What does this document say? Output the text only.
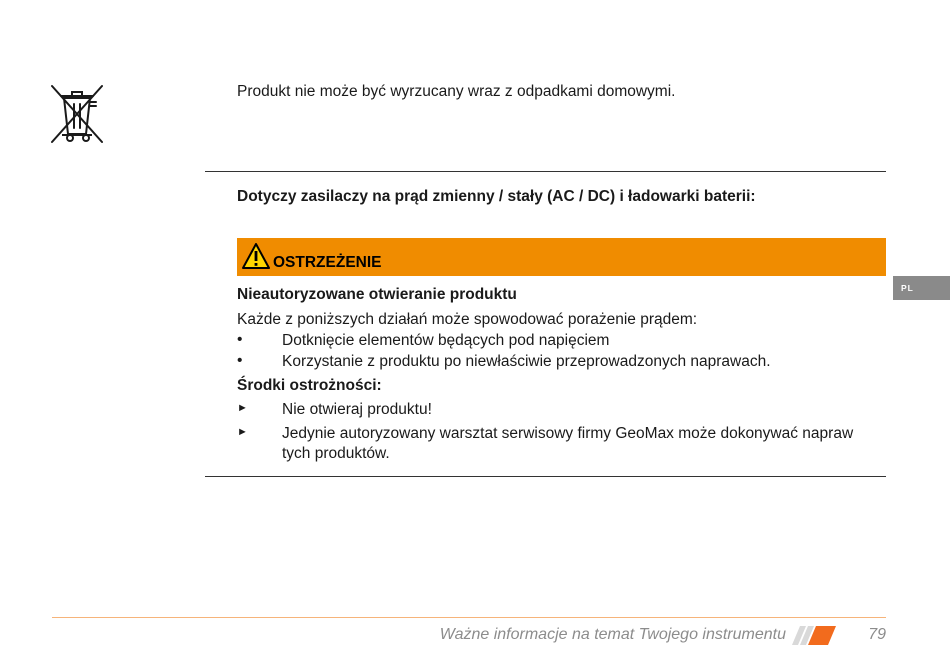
Produkt nie może być wyrzucany wraz z odpadkami domowymi.
Dotyczy zasilaczy na prąd zmienny / stały (AC / DC) i ładowarki baterii:
OSTRZEŻENIE
PL
Nieautoryzowane otwieranie produktu
Każde z poniższych działań może spowodować porażenie prądem:
•	Dotknięcie elementów będących pod napięciem
•	Korzystanie z produktu po niewłaściwie przeprowadzonych naprawach.
Środki ostrożności:
► Nie otwieraj produktu!
► Jedynie autoryzowany warsztat serwisowy firmy GeoMax może dokonywać napraw tych produktów.
Ważne informacje na temat Twojego instrumentu	79
